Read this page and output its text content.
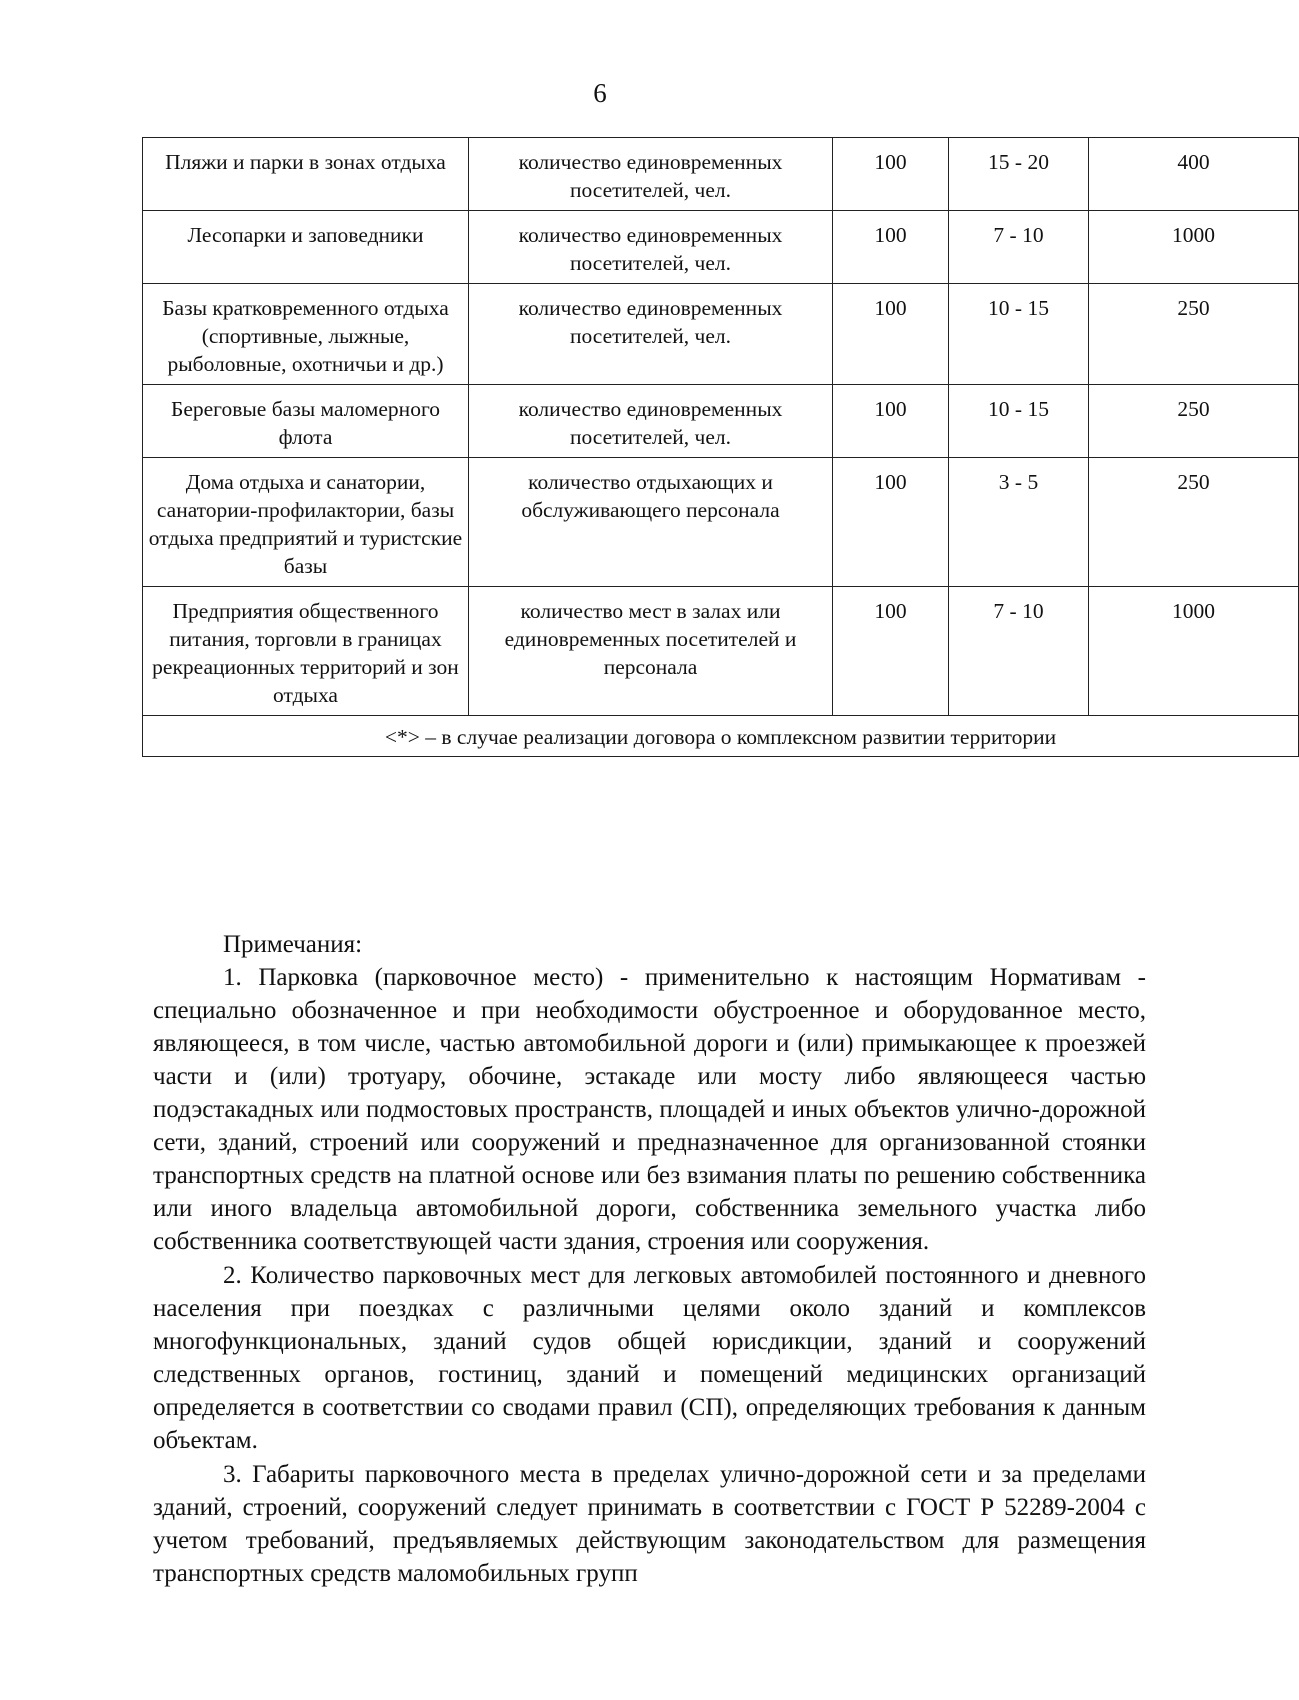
6
Пляжи и парки в зонах отдыха	количество единовременных посетителей, чел.	100	15 - 20	400
Лесопарки и заповедники	количество единовременных посетителей, чел.	100	7 - 10	1000
Базы кратковременного отдыха (спортивные, лыжные, рыболовные, охотничьи и др.)	количество единовременных посетителей, чел.	100	10 - 15	250
Береговые базы маломерного флота	количество единовременных посетителей, чел.	100	10 - 15	250
Дома отдыха и санатории, санатории-профилактории, базы отдыха предприятий и туристские базы	количество отдыхающих и обслуживающего персонала	100	3 - 5	250
Предприятия общественного питания, торговли в границах рекреационных территорий и зон отдыха	количество мест в залах или единовременных посетителей и персонала	100	7 - 10	1000
<*> – в случае реализации договора о комплексном развитии территории				
Примечания:

1. Парковка (парковочное место) - применительно к настоящим Нормативам - специально обозначенное и при необходимости обустроенное и оборудованное место, являющееся, в том числе, частью автомобильной дороги и (или) примыкающее к проезжей части и (или) тротуару, обочине, эстакаде или мосту либо являющееся частью подэстакадных или подмостовых пространств, площадей и иных объектов улично-дорожной сети, зданий, строений или сооружений и предназначенное для организованной стоянки транспортных средств на платной основе или без взимания платы по решению собственника или иного владельца автомобильной дороги, собственника земельного участка либо собственника соответствующей части здания, строения или сооружения.

2. Количество парковочных мест для легковых автомобилей постоянного и дневного населения при поездках с различными целями около зданий и комплексов многофункциональных, зданий судов общей юрисдикции, зданий и сооружений следственных органов, гостиниц, зданий и помещений медицинских организаций определяется в соответствии со сводами правил (СП), определяющих требования к данным объектам.

3. Габариты парковочного места в пределах улично-дорожной сети и за пределами зданий, строений, сооружений следует принимать в соответствии с ГОСТ Р 52289-2004 с учетом требований, предъявляемых действующим законодательством для размещения транспортных средств маломобильных групп
